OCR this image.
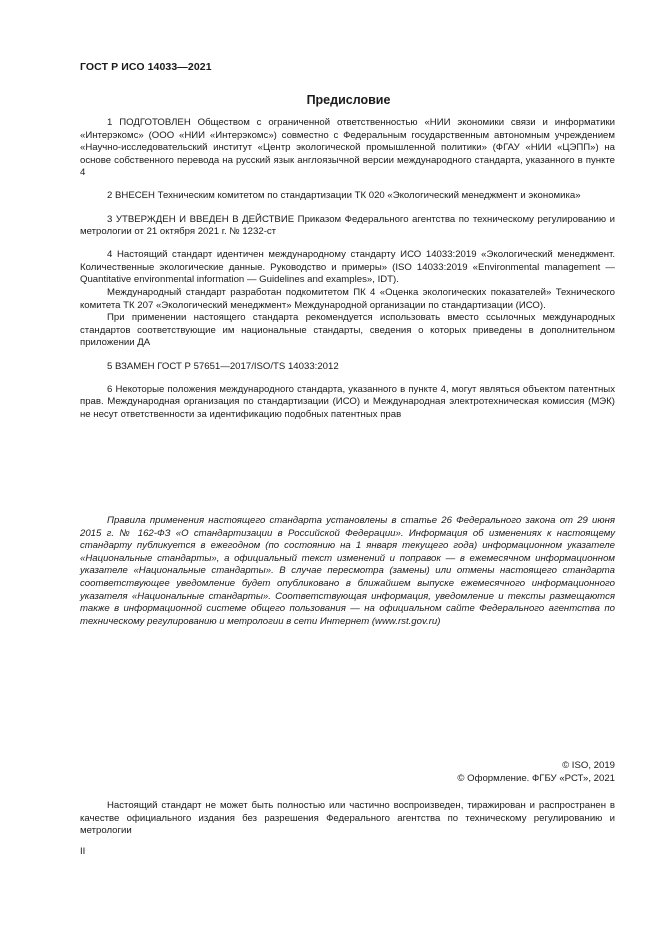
ГОСТ Р ИСО 14033—2021
Предисловие

1 ПОДГОТОВЛЕН Обществом с ограниченной ответственностью «НИИ экономики связи и информатики «Интерэкомс» (ООО «НИИ «Интерэкомс») совместно с Федеральным государственным автономным учреждением «Научно-исследовательский институт «Центр экологической промышленной политики» (ФГАУ «НИИ «ЦЭПП») на основе собственного перевода на русский язык англоязычной версии международного стандарта, указанного в пункте 4

2 ВНЕСЕН Техническим комитетом по стандартизации ТК 020 «Экологический менеджмент и экономика»

3 УТВЕРЖДЕН И ВВЕДЕН В ДЕЙСТВИЕ Приказом Федерального агентства по техническому регулированию и метрологии от 21 октября 2021 г. № 1232-ст

4 Настоящий стандарт идентичен международному стандарту ИСО 14033:2019 «Экологический менеджмент. Количественные экологические данные. Руководство и примеры» (ISO 14033:2019 «Environmental management — Quantitative environmental information — Guidelines and examples», IDT).

Международный стандарт разработан подкомитетом ПК 4 «Оценка экологических показателей» Технического комитета ТК 207 «Экологический менеджмент» Международной организации по стандартизации (ИСО).

При применении настоящего стандарта рекомендуется использовать вместо ссылочных международных стандартов соответствующие им национальные стандарты, сведения о которых приведены в дополнительном приложении ДА

5 ВЗАМЕН ГОСТ Р 57651—2017/ISO/TS 14033:2012

6 Некоторые положения международного стандарта, указанного в пункте 4, могут являться объектом патентных прав. Международная организация по стандартизации (ИСО) и Международная электротехническая комиссия (МЭК) не несут ответственности за идентификацию подобных патентных прав

Правила применения настоящего стандарта установлены в статье 26 Федерального закона от 29 июня 2015 г. № 162-ФЗ «О стандартизации в Российской Федерации». Информация об изменениях к настоящему стандарту публикуется в ежегодном (по состоянию на 1 января текущего года) информационном указателе «Национальные стандарты», а официальный текст изменений и поправок — в ежемесячном информационном указателе «Национальные стандарты». В случае пересмотра (замены) или отмены настоящего стандарта соответствующее уведомление будет опубликовано в ближайшем выпуске ежемесячного информационного указателя «Национальные стандарты». Соответствующая информация, уведомление и тексты размещаются также в информационной системе общего пользования — на официальном сайте Федерального агентства по техническому регулированию и метрологии в сети Интернет (www.rst.gov.ru)

© ISO, 2019
© Оформление. ФГБУ «РСТ», 2021

Настоящий стандарт не может быть полностью или частично воспроизведен, тиражирован и распространен в качестве официального издания без разрешения Федерального агентства по техническому регулированию и метрологии

II
